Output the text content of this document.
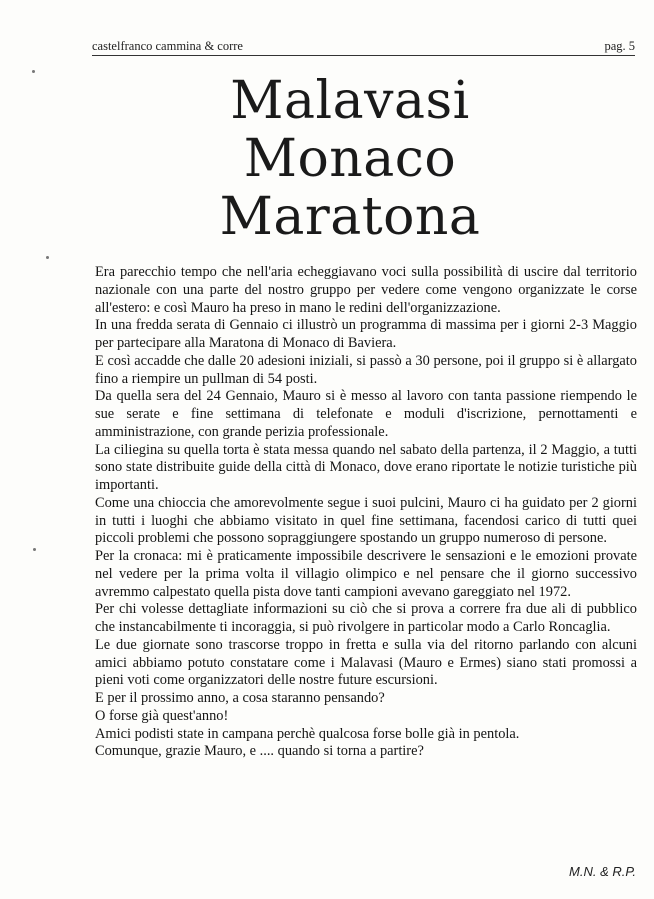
castelfranco cammina & corre	pag. 5
Malavasi
Monaco
Maratona

Era parecchio tempo che nell'aria echeggiavano voci sulla possibilità di uscire dal territorio nazionale con una parte del nostro gruppo per vedere come vengono organizzate le corse all'estero: e così Mauro ha preso in mano le redini dell'organizzazione.

In una fredda serata di Gennaio ci illustrò un programma di massima per i giorni 2-3 Maggio per partecipare alla Maratona di Monaco di Baviera.

E così accadde che dalle 20 adesioni iniziali, si passò a 30 persone, poi il gruppo si è allargato fino a riempire un pullman di 54 posti.

Da quella sera del 24 Gennaio, Mauro si è messo al lavoro con tanta passione riempendo le sue serate e fine settimana di telefonate e moduli d'iscrizione, pernottamenti e amministrazione, con grande perizia professionale.

La ciliegina su quella torta è stata messa quando nel sabato della partenza, il 2 Maggio, a tutti sono state distribuite guide della città di Monaco, dove erano riportate le notizie turistiche più importanti.

Come una chioccia che amorevolmente segue i suoi pulcini, Mauro ci ha guidato per 2 giorni in tutti i luoghi che abbiamo visitato in quel fine settimana, facendosi carico di tutti quei piccoli problemi che possono sopraggiungere spostando un gruppo numeroso di persone.

Per la cronaca: mi è praticamente impossibile descrivere le sensazioni e le emozioni provate nel vedere per la prima volta il villagio olimpico e nel pensare che il giorno successivo avremmo calpestato quella pista dove tanti campioni avevano gareggiato nel 1972.

Per chi volesse dettagliate informazioni su ciò che si prova a correre fra due ali di pubblico che instancabilmente ti incoraggia, si può rivolgere in particolar modo a Carlo Roncaglia.

Le due giornate sono trascorse troppo in fretta e sulla via del ritorno parlando con alcuni amici abbiamo potuto constatare come i Malavasi (Mauro e Ermes) siano stati promossi a pieni voti come organizzatori delle nostre future escursioni.

E per il prossimo anno, a cosa staranno pensando?

O forse già quest'anno!

Amici podisti state in campana perchè qualcosa forse bolle già in pentola.

Comunque, grazie Mauro, e .... quando si torna a partire?

M.N. & R.P.
